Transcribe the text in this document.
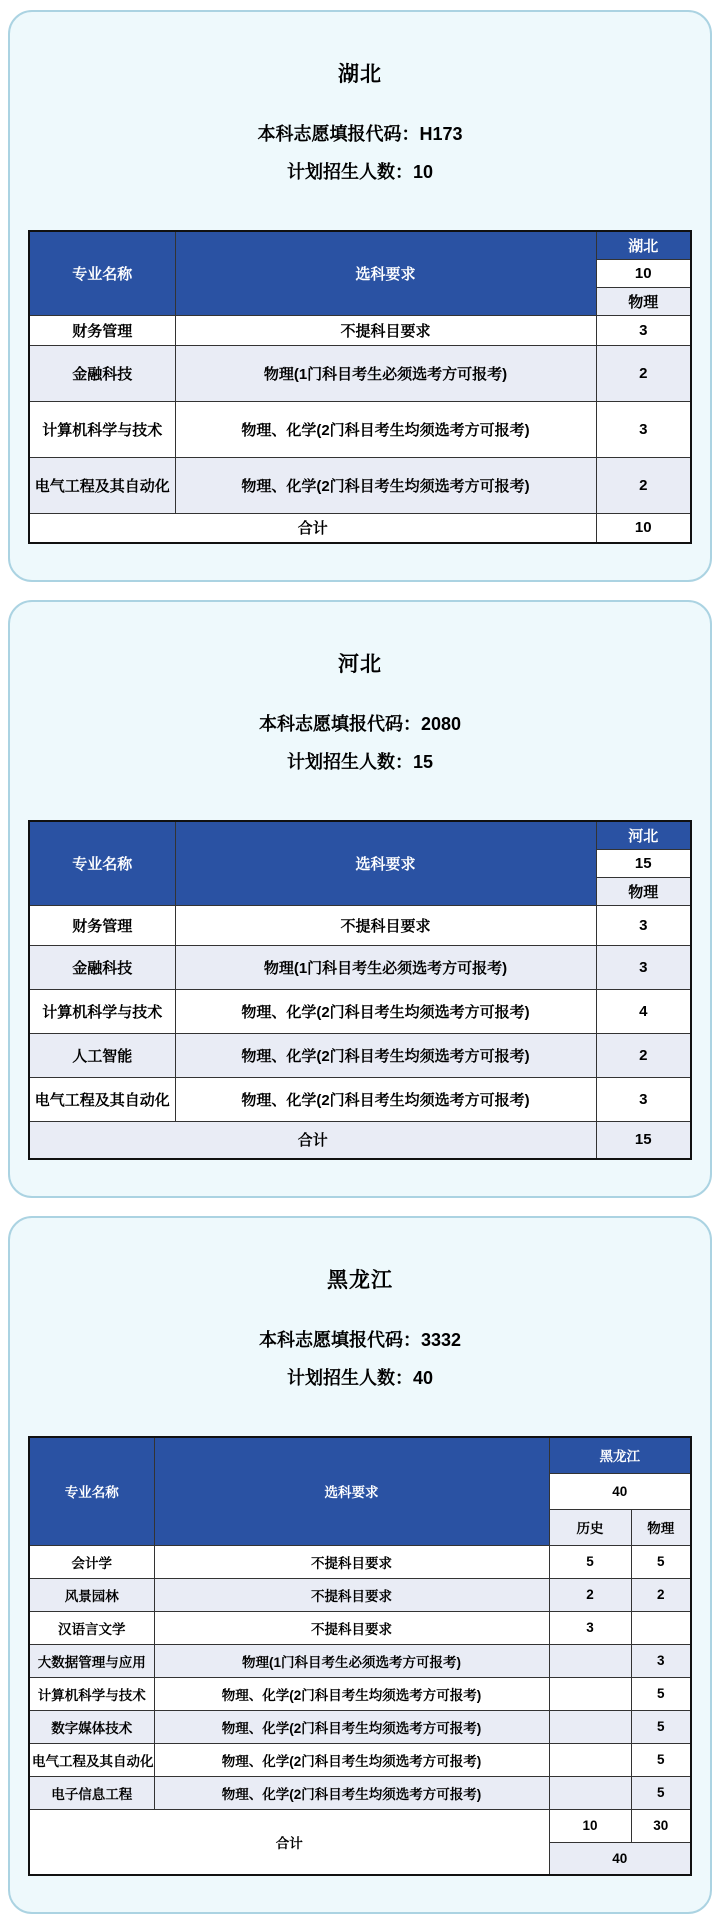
湖北

本科志愿填报代码：H173

计划招生人数：10

专业名称	选科要求	湖北
		10
		物理
财务管理	不提科目要求	3
金融科技	物理(1门科目考生必须选考方可报考)	2
计算机科学与技术	物理、化学(2门科目考生均须选考方可报考)	3
电气工程及其自动化	物理、化学(2门科目考生均须选考方可报考)	2
合计		10
河北

本科志愿填报代码：2080

计划招生人数：15

专业名称	选科要求	河北
		15
		物理
财务管理	不提科目要求	3
金融科技	物理(1门科目考生必须选考方可报考)	3
计算机科学与技术	物理、化学(2门科目考生均须选考方可报考)	4
人工智能	物理、化学(2门科目考生均须选考方可报考)	2
电气工程及其自动化	物理、化学(2门科目考生均须选考方可报考)	3
合计		15
黑龙江

本科志愿填报代码：3332

计划招生人数：40

专业名称	选科要求	黑龙江	
		40	
		历史	物理
会计学	不提科目要求	5	5
风景园林	不提科目要求	2	2
汉语言文学	不提科目要求	3	
大数据管理与应用	物理(1门科目考生必须选考方可报考)		3
计算机科学与技术	物理、化学(2门科目考生均须选考方可报考)		5
数字媒体技术	物理、化学(2门科目考生均须选考方可报考)		5
电气工程及其自动化	物理、化学(2门科目考生均须选考方可报考)		5
电子信息工程	物理、化学(2门科目考生均须选考方可报考)		5
合计		10	30
		40	
